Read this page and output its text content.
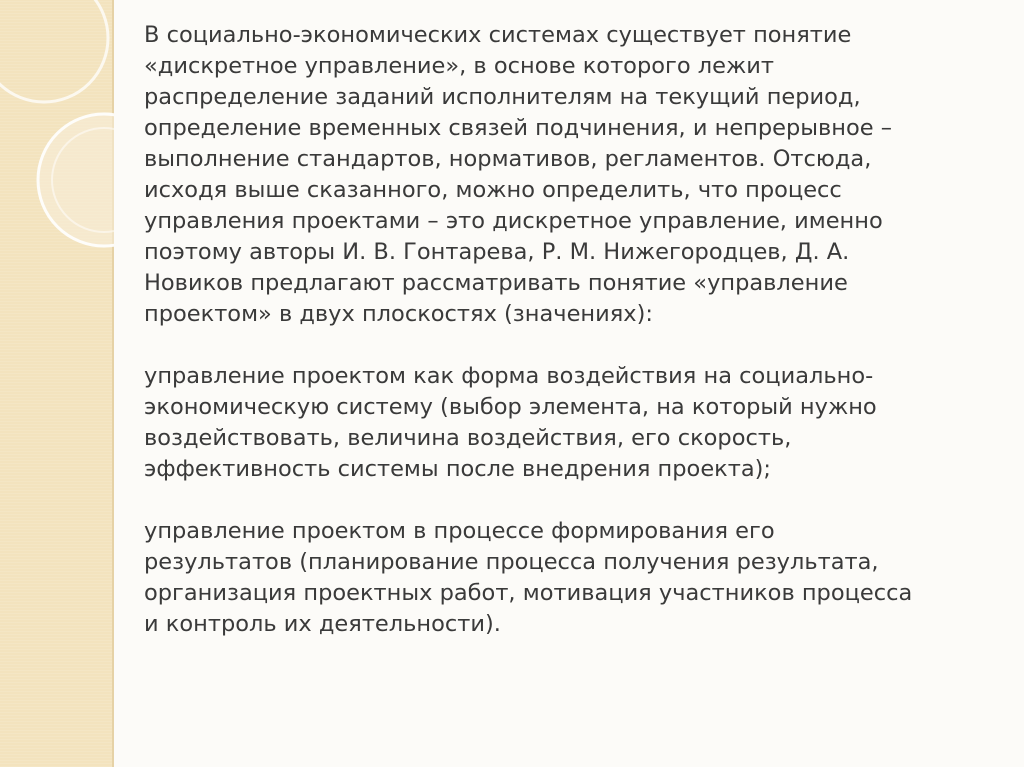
В социально-экономических системах существует понятие
«дискретное управление», в основе которого лежит
распределение заданий исполнителям на текущий период,
определение временных связей подчинения, и непрерывное –
выполнение стандартов, нормативов, регламентов. Отсюда,
исходя выше сказанного, можно определить, что процесс
управления проектами – это дискретное управление, именно
поэтому авторы И. В. Гонтарева, Р. М. Нижегородцев, Д. А.
Новиков предлагают рассматривать понятие «управление
проектом» в двух плоскостях (значениях):

управление проектом как форма воздействия на социально-
экономическую систему (выбор элемента, на который нужно
воздействовать, величина воздействия, его скорость,
эффективность системы после внедрения проекта);

управление проектом в процессе формирования его
результатов (планирование процесса получения результата,
организация проектных работ, мотивация участников процесса
и контроль их деятельности).
